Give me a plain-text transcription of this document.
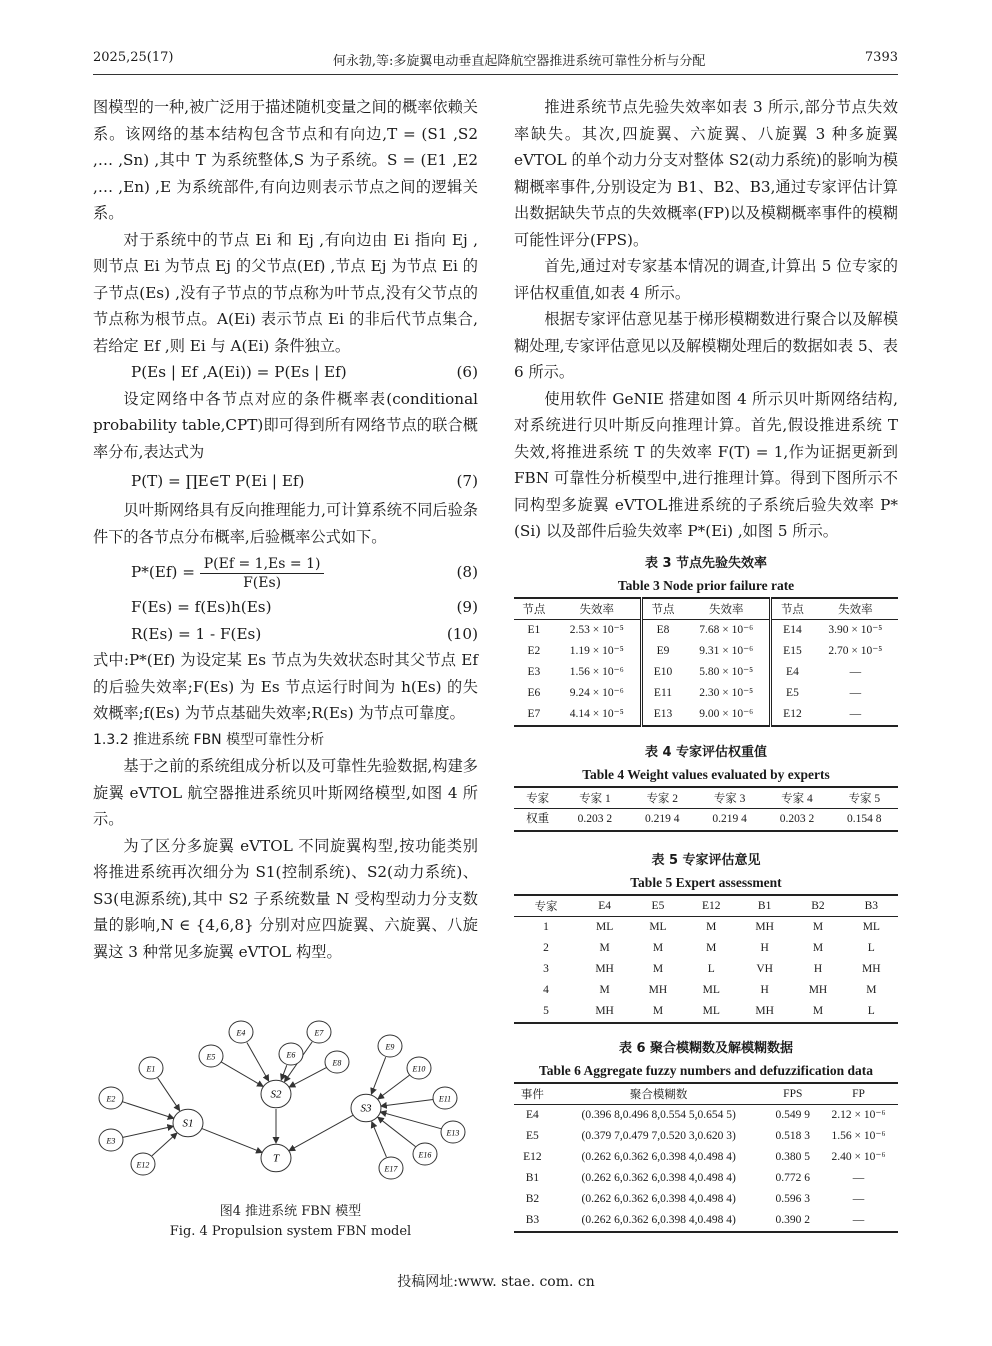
2025,25(17)	何永勃,等:多旋翼电动垂直起降航空器推进系统可靠性分析与分配	7393

图模型的一种,被广泛用于描述随机变量之间的概率依赖关系。该网络的基本结构包含节点和有向边,T = (S1 ,S2 ,… ,Sn) ,其中 T 为系统整体,S 为子系统。S = (E1 ,E2 ,… ,En) ,E 为系统部件,有向边则表示节点之间的逻辑关系。

对于系统中的节点 Ei 和 Ej ,有向边由 Ei 指向 Ej ,则节点 Ei 为节点 Ej 的父节点(Ef) ,节点 Ej 为节点 Ei 的子节点(Es) ,没有子节点的节点称为叶节点,没有父节点的节点称为根节点。A(Ei) 表示节点 Ei 的非后代节点集合,若给定 Ef ,则 Ei 与 A(Ei) 条件独立。

P(Es | Ef ,A(Ei)) = P(Es | Ef)	(6)

设定网络中各节点对应的条件概率表(conditional probability table,CPT)即可得到所有网络节点的联合概率分布,表达式为

P(T) = ∏E∈T P(Ei | Ef)	(7)

贝叶斯网络具有反向推理能力,可计算系统不同后验条件下的各节点分布概率,后验概率公式如下。

$P*(Ef) = \frac{P(Ef = 1,Es = 1)}{F(Es)}$	(8)
F(Es) = f(Es)h(Es)	(9)
R(Es) = 1 - F(Es)	(10)

式中:P*(Ef) 为设定某 Es 节点为失效状态时其父节点 Ef 的后验失效率;F(Es) 为 Es 节点运行时间为 h(Es) 的失效概率;f(Es) 为节点基础失效率;R(Es) 为节点可靠度。

1.3.2 推进系统 FBN 模型可靠性分析

基于之前的系统组成分析以及可靠性先验数据,构建多旋翼 eVTOL 航空器推进系统贝叶斯网络模型,如图 4 所示。

为了区分多旋翼 eVTOL 不同旋翼构型,按功能类别将推进系统再次细分为 S1(控制系统)、S2(动力系统)、S3(电源系统),其中 S2 子系统数量 N 受构型动力分支数量的影响,N ∈ {4,6,8} 分别对应四旋翼、六旋翼、八旋翼这 3 种常见多旋翼 eVTOL 构型。

E1
E2
E3
E12
E4
E5	E6
E7
E8
E9
E10
E11
E13
E16
E17
S1
S2
S3
T
图4 推进系统 FBN 模型
Fig. 4 Propulsion system FBN model

推进系统节点先验失效率如表 3 所示,部分节点失效率缺失。其次,四旋翼、六旋翼、八旋翼 3 种多旋翼 eVTOL 的单个动力分支对整体 S2(动力系统)的影响为模糊概率事件,分别设定为 B1、B2、B3,通过专家评估计算出数据缺失节点的失效概率(FP)以及模糊概率事件的模糊可能性评分(FPS)。

首先,通过对专家基本情况的调查,计算出 5 位专家的评估权重值,如表 4 所示。

根据专家评估意见基于梯形模糊数进行聚合以及解模糊处理,专家评估意见以及解模糊处理后的数据如表 5、表 6 所示。

使用软件 GeNIE 搭建如图 4 所示贝叶斯网络结构,对系统进行贝叶斯反向推理计算。首先,假设推进系统 T 失效,将推进系统 T 的失效率 F(T) = 1,作为证据更新到 FBN 可靠性分析模型中,进行推理计算。得到下图所示不同构型多旋翼 eVTOL推进系统的子系统后验失效率 P*(Si) 以及部件后验失效率 P*(Ei) ,如图 5 所示。

表 3 节点先验失效率
Table 3 Node prior failure rate
节点	失效率	节点	失效率	节点	失效率
E1	2.53 × 10⁻⁵	E8	7.68 × 10⁻⁶	E14	3.90 × 10⁻⁵
E2	1.19 × 10⁻⁵	E9	9.31 × 10⁻⁶	E15	2.70 × 10⁻⁵
E3	1.56 × 10⁻⁶	E10	5.80 × 10⁻⁵	E4	—
E6	9.24 × 10⁻⁶	E11	2.30 × 10⁻⁵	E5	—
E7	4.14 × 10⁻⁵	E13	9.00 × 10⁻⁶	E12	—
表 4 专家评估权重值
Table 4 Weight values evaluated by experts
专家	专家 1	专家 2	专家 3	专家 4	专家 5
权重	0.203 2	0.219 4	0.219 4	0.203 2	0.154 8
表 5 专家评估意见
Table 5 Expert assessment
专家	E4	E5	E12	B1	B2	B3
1	ML	ML	M	MH	M	ML
2	M	M	M	H	M	L
3	MH	M	L	VH	H	MH
4	M	MH	ML	H	MH	M
5	MH	M	ML	MH	M	L
表 6 聚合模糊数及解模糊数据
Table 6 Aggregate fuzzy numbers and defuzzification data
事件	聚合模糊数	FPS	FP
E4	(0.396 8,0.496 8,0.554 5,0.654 5)	0.549 9	2.12 × 10⁻⁶
E5	(0.379 7,0.479 7,0.520 3,0.620 3)	0.518 3	1.56 × 10⁻⁶
E12	(0.262 6,0.362 6,0.398 4,0.498 4)	0.380 5	2.40 × 10⁻⁶
B1	(0.262 6,0.362 6,0.398 4,0.498 4)	0.772 6	—
B2	(0.262 6,0.362 6,0.398 4,0.498 4)	0.596 3	—
B3	(0.262 6,0.362 6,0.398 4,0.498 4)	0.390 2	—
投稿网址:www. stae. com. cn
